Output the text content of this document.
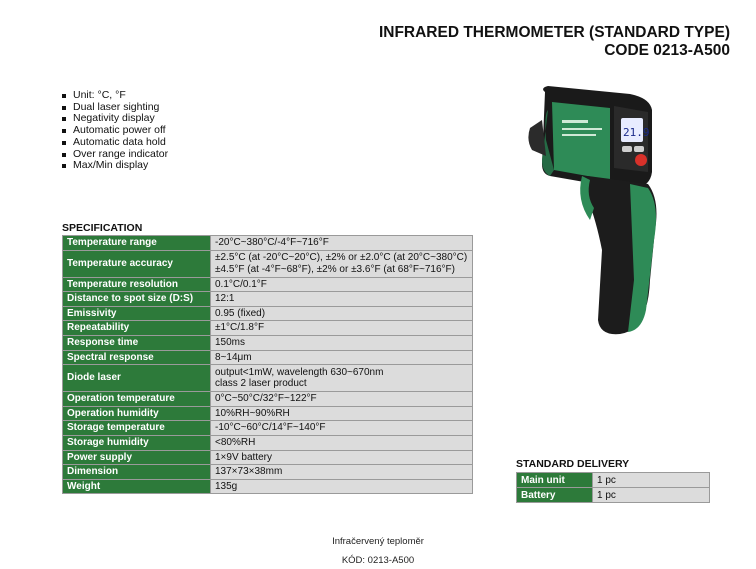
INFRARED THERMOMETER (STANDARD TYPE)
CODE 0213-A500
Unit: °C, °F
Dual laser sighting
Negativity display
Automatic power off
Automatic data hold
Over range indicator
Max/Min display
21.9
SPECIFICATION
Temperature range	-20°C~380°C/-4°F~716°F
Temperature accuracy	±2.5°C (at -20°C~20°C), ±2% or ±2.0°C (at 20°C~380°C)
±4.5°F (at -4°F~68°F), ±2% or ±3.6°F (at 68°F~716°F)

Temperature resolution	0.1°C/0.1°F
Distance to spot size (D:S)	12:1
Emissivity	0.95 (fixed)
Repeatability	±1°C/1.8°F
Response time	150ms
Spectral response	8~14μm
Diode laser	output<1mW, wavelength 630~670nm
class 2 laser product

Operation temperature	0°C~50°C/32°F~122°F
Operation humidity	10%RH~90%RH
Storage temperature	-10°C~60°C/14°F~140°F
Storage humidity	<80%RH
Power supply	1×9V battery
Dimension	137×73×38mm
Weight	135g
STANDARD DELIVERY
Main unit	1 pc
Battery	1 pc
Infračervený teploměr
KÓD: 0213-A500
